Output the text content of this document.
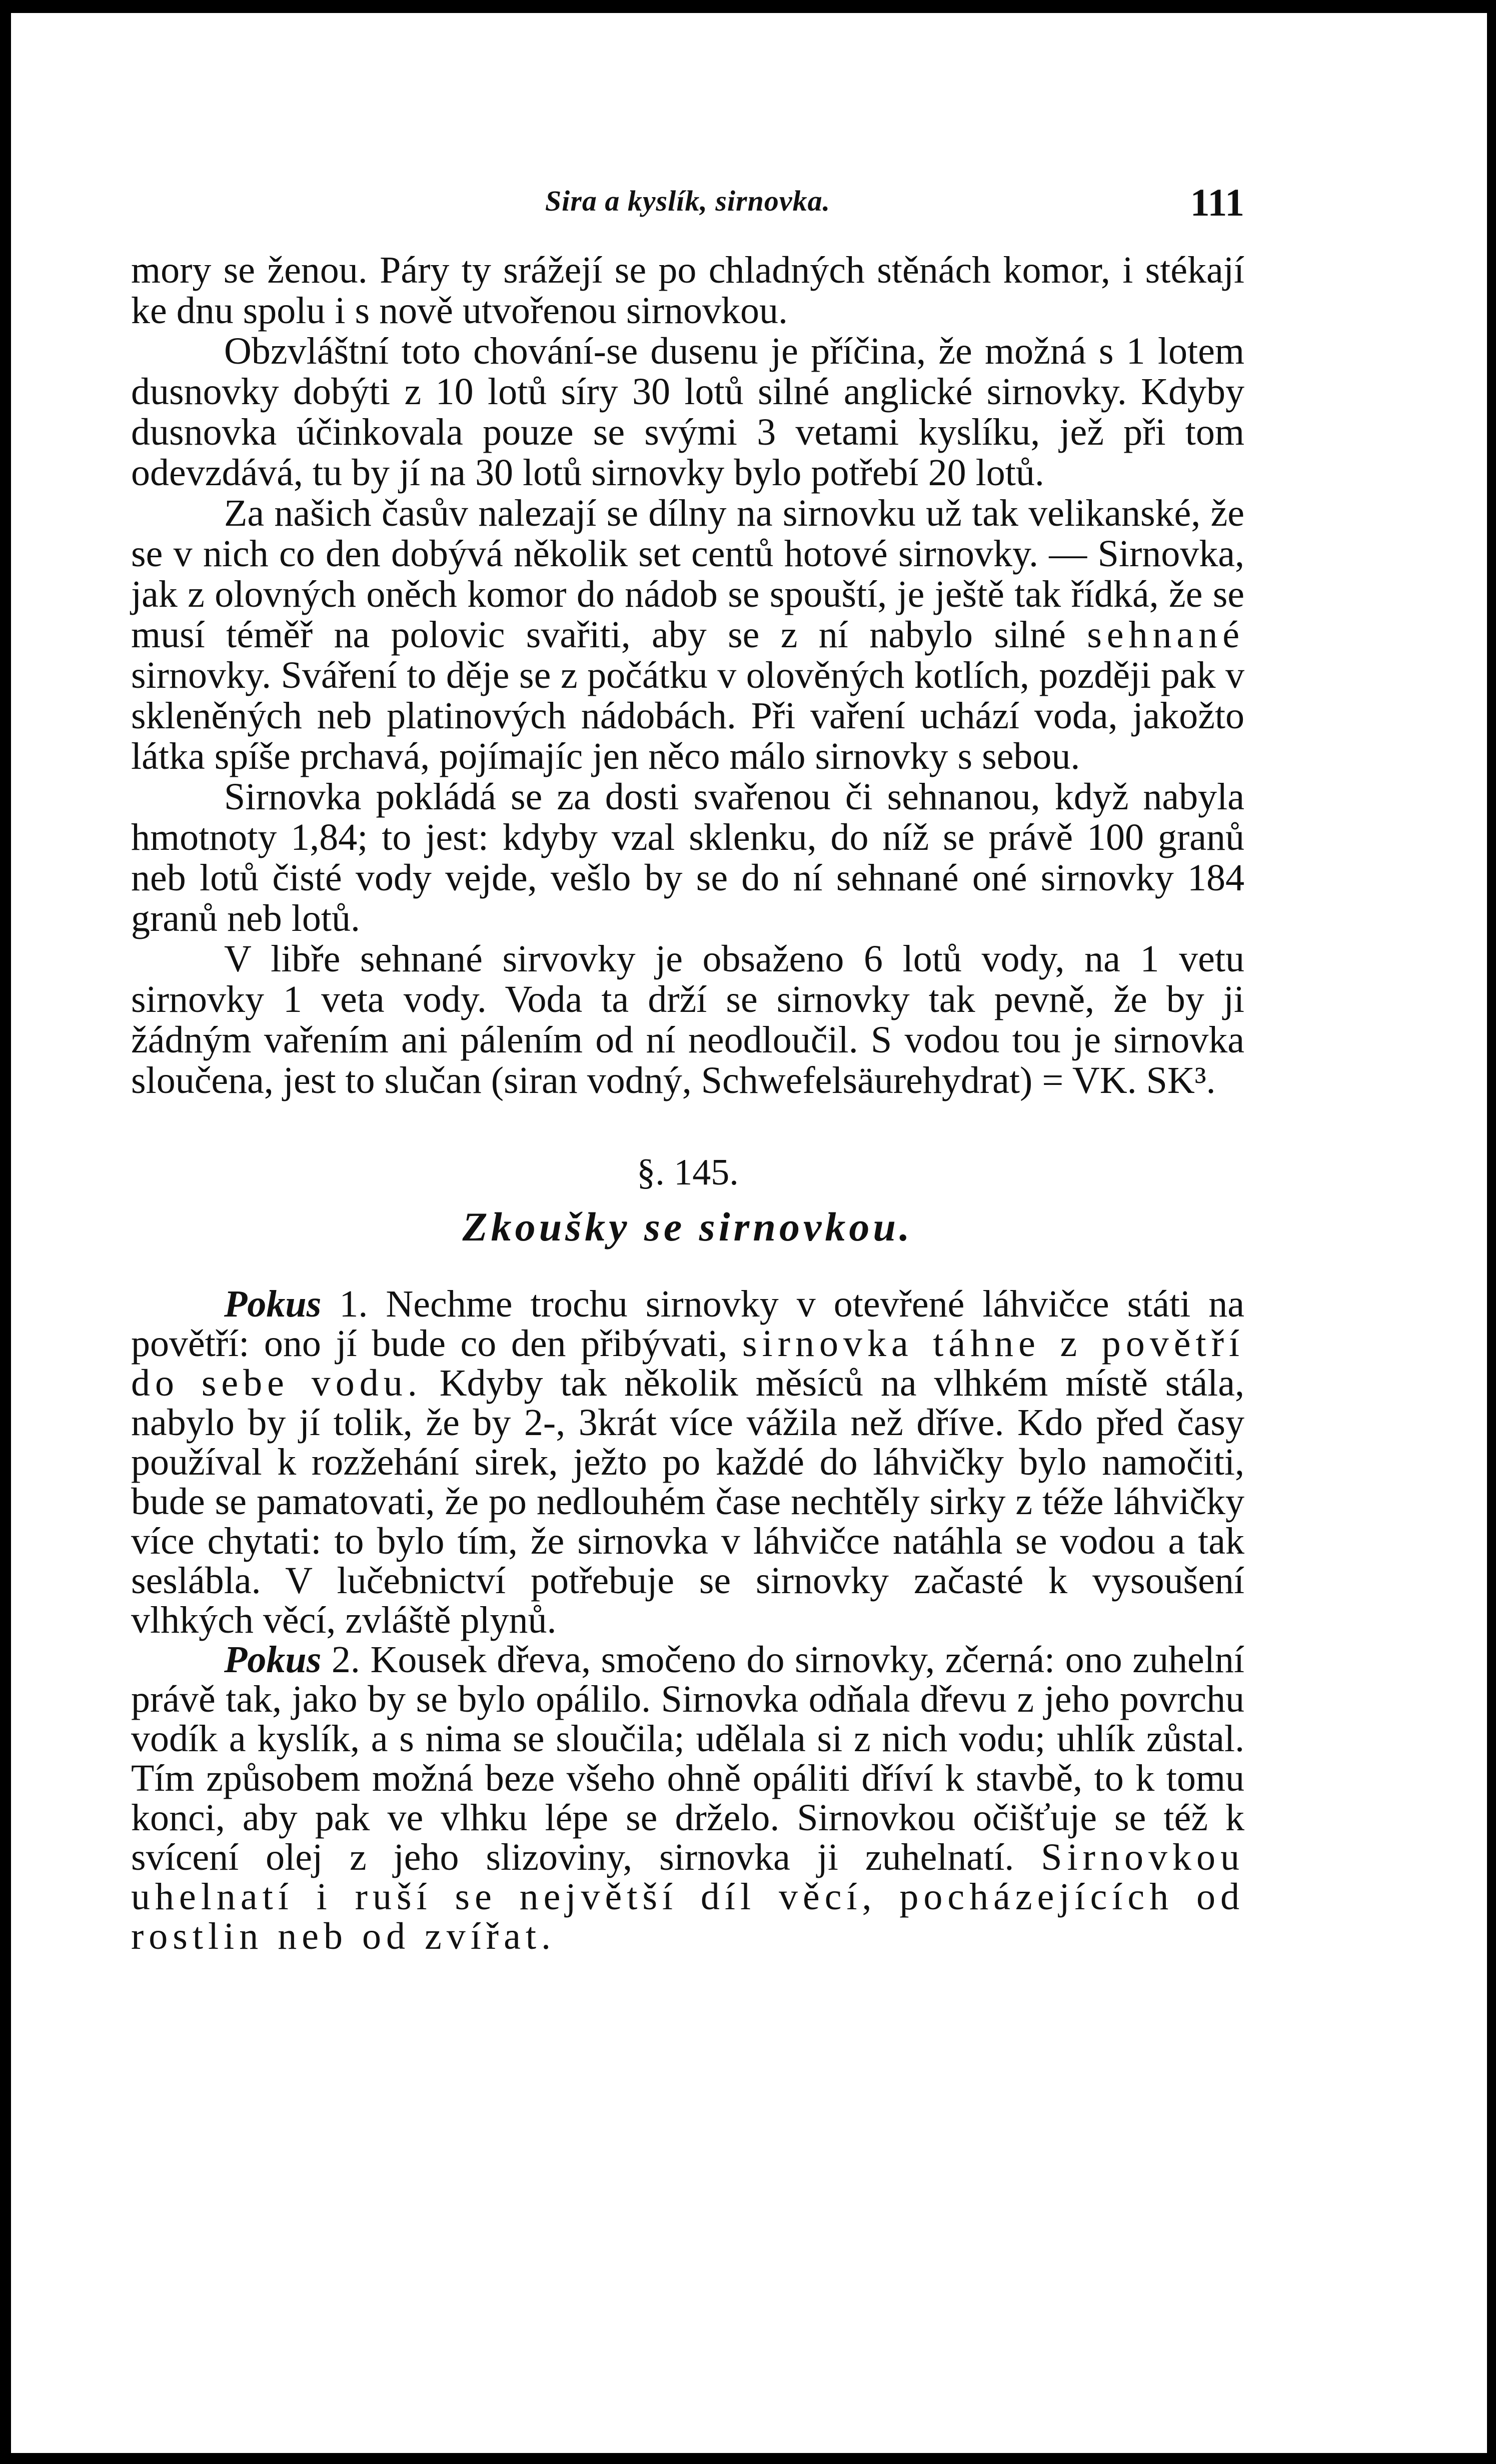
Sira a kyslík, sirnovka.	111

mory se ženou. Páry ty srážejí se po chladných stěnách komor, i stékají ke dnu spolu i s nově utvořenou sirnovkou.

Obzvláštní toto chování-se dusenu je příčina, že možná s 1 lotem dusnovky dobýti z 10 lotů síry 30 lotů silné anglické sirnovky. Kdyby dusnovka účinkovala pouze se svými 3 vetami kyslíku, jež při tom odevzdává, tu by jí na 30 lotů sirnovky bylo potřebí 20 lotů.

Za našich časův nalezají se dílny na sirnovku už tak velikanské, že se v nich co den dobývá několik set centů hotové sirnovky. — Sirnovka, jak z olovných oněch komor do nádob se spouští, je ještě tak řídká, že se musí téměř na polovic svařiti, aby se z ní nabylo silné sehnané sirnovky. Sváření to děje se z počátku v olověných kotlích, později pak v skleněných neb platinových nádobách. Při vaření uchází voda, jakožto látka spíše prchavá, pojímajíc jen něco málo sirnovky s sebou.

Sirnovka pokládá se za dosti svařenou či sehnanou, když nabyla hmotnoty 1,84; to jest: kdyby vzal sklenku, do níž se právě 100 granů neb lotů čisté vody vejde, vešlo by se do ní sehnané oné sirnovky 184 granů neb lotů.

V libře sehnané sirvovky je obsaženo 6 lotů vody, na 1 vetu sirnovky 1 veta vody. Voda ta drží se sirnovky tak pevně, že by ji žádným vařením ani pálením od ní neodloučil. S vodou tou je sirnovka sloučena, jest to slučan (siran vodný, Schwefelsäurehydrat) = VK. SK³.

§. 145.
Zkoušky se sirnovkou.

Pokus 1. Nechme trochu sirnovky v otevřené láhvičce státi na povětří: ono jí bude co den přibývati, sirnovka táhne z povětří do sebe vodu. Kdyby tak několik měsíců na vlhkém místě stála, nabylo by jí tolik, že by 2-, 3krát více vážila než dříve. Kdo před časy používal k rozžehání sirek, ježto po každé do láhvičky bylo namočiti, bude se pamatovati, že po nedlouhém čase nechtěly sirky z téže láhvičky více chytati: to bylo tím, že sirnovka v láhvičce natáhla se vodou a tak seslábla. V lučebnictví potřebuje se sirnovky začasté k vysoušení vlhkých věcí, zvláště plynů.

Pokus 2. Kousek dřeva, smočeno do sirnovky, zčerná: ono zuhelní právě tak, jako by se bylo opálilo. Sirnovka odňala dřevu z jeho povrchu vodík a kyslík, a s nima se sloučila; udělala si z nich vodu; uhlík zůstal. Tím způsobem možná beze všeho ohně opáliti dříví k stavbě, to k tomu konci, aby pak ve vlhku lépe se drželo. Sirnovkou očišťuje se též k svícení olej z jeho slizoviny, sirnovka ji zuhelnatí. Sirnovkou uhelnatí i ruší se největší díl věcí, pocházejících od rostlin neb od zvířat.
